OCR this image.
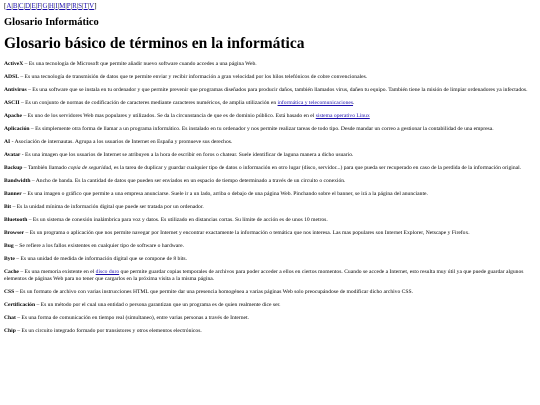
[A|B|C|D|E|F|G|H|I|M|P|R|S|T|V]
Glosario Informático
Glosario básico de términos en la informática
ActiveX – Es una tecnología de Microsoft que permite añadir nuevo software cuando accedes a una página Web.
ADSL – Es una tecnología de transmisión de datos que te permite enviar y recibir información a gran velocidad por los hilos telefónicos de cobre convencionales.
Antivirus – Es una software que se instala en tu ordenador y que permite prevenir que programas diseñados para producir daños, también llamados virus, dañen tu equipo. También tiene la misión de limpiar ordenadores ya infectados.
ASCII – Es un conjunto de normas de codificación de caracteres mediante caracteres numéricos, de amplia utilización en informática y telecomunicaciones.
Apache – Es uno de los servidores Web mas populares y utilizados. Se da la circunstancia de que es de dominio público. Está basado en el sistema operativo Linux
Aplicación – Es simplemente otra forma de llamar a un programa informático. Es instalado en tu ordenador y nos permite realizar tareas de todo tipo. Desde mandar un correo a gestionar la contabilidad de una empresa.
AI - Asociación de internautas. Agrupa a los usuarios de Internet en España y promueve sus derechos.
Avatar - Es una imagen que los usuarios de Internet se atribuyen a la hora de escribir en foros o chatear. Suele identificar de laguna manera a dicho usuario.
Backup – También llamado copia de seguridad, es la tarea de duplicar y guardar cualquier tipo de datos o información en otro lugar (disco, servidor...) para que pueda ser recuperado en caso de la perdida de la información original.
Bandwidth – Ancho de banda. Es la cantidad de datos que pueden ser enviados en un espacio de tiempo determinado a través de un circuito o conexión.
Banner – Es una imagen o gráfico que permite a una empresa anunciarse. Suele ir a un lado, arriba o debajo de una página Web. Pinchando sobre el banner, se irá a la página del anunciante.
Bit – Es la unidad mínima de información digital que puede ser tratada por un ordenador.
Bluetooth – Es un sistema de conexión inalámbrica para voz y datos. Es utilizado en distancias cortas. Su límite de acción es de unos 10 metros.
Browser – Es un programa o aplicación que nos permite navegar por Internet y encontrar exactamente la información o temática que nos interesa. Las mas populares son Internet Explorer, Netscape y Firefox.
Bug – Se refiere a los fallos existentes en cualquier tipo de software o hardware.
Byte – Es una unidad de medida de información digital que se compone de 8 bits.
Cache – Es una memoria existente en el disco duro que permite guardar copias temporales de archivos para poder acceder a ellos en ciertos momentos. Cuando se accede a Internet, esto resulta muy útil ya que puede guardar algunos elementos de páginas Web para no tener que cargarlos en la próxima visita a la misma página.
CSS – Es un formato de archivo con varias instrucciones HTML que permite dar una presencia homogénea a varias páginas Web solo preocupándose de modificar dicho archivo CSS.
Certificación – Es un método por el cual una entidad o persona garantizan que un programa es de quien realmente dice ser.
Chat – Es una forma de comunicación en tiempo real (simultaneo), entre varias personas a través de Internet.
Chip – Es un circuito integrado formado por transistores y otros elementos electrónicos.
